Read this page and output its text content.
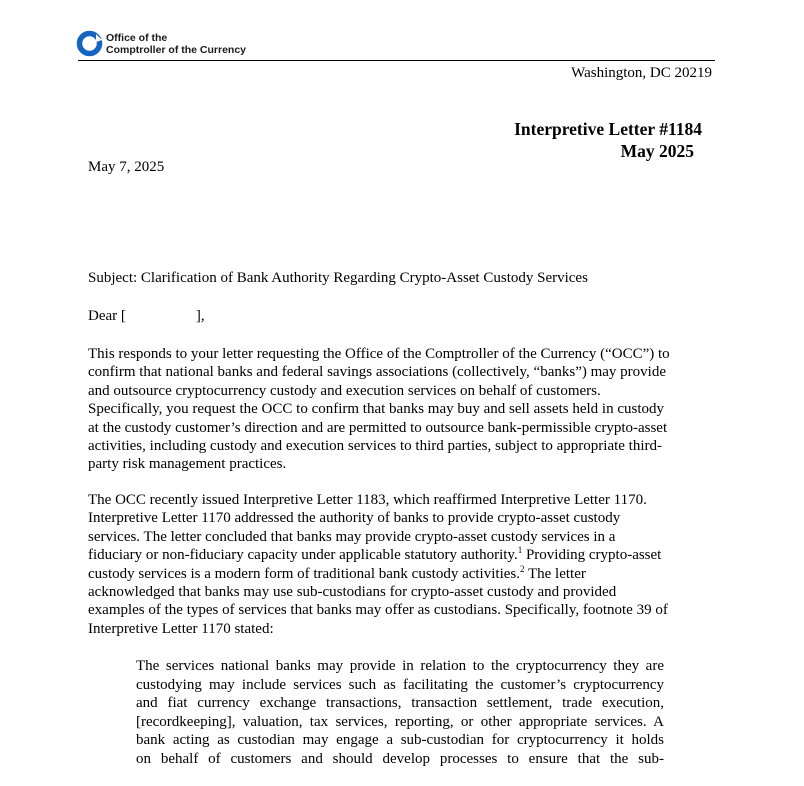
Office of the
Comptroller of the Currency
Washington, DC 20219
Interpretive Letter #1184
May 2025
May 7, 2025
Subject: Clarification of Bank Authority Regarding Crypto-Asset Custody Services
Dear [	],
This responds to your letter requesting the Office of the Comptroller of the Currency (“OCC”) to
confirm that national banks and federal savings associations (collectively, “banks”) may provide
and outsource cryptocurrency custody and execution services on behalf of customers.
Specifically, you request the OCC to confirm that banks may buy and sell assets held in custody
at the custody customer’s direction and are permitted to outsource bank-permissible crypto-asset
activities, including custody and execution services to third parties, subject to appropriate third-
party risk management practices.
The OCC recently issued Interpretive Letter 1183, which reaffirmed Interpretive Letter 1170.
Interpretive Letter 1170 addressed the authority of banks to provide crypto-asset custody
services. The letter concluded that banks may provide crypto-asset custody services in a
fiduciary or non-fiduciary capacity under applicable statutory authority.$^1$ Providing crypto-asset
custody services is a modern form of traditional bank custody activities.$^2$ The letter
acknowledged that banks may use sub-custodians for crypto-asset custody and provided
examples of the types of services that banks may offer as custodians. Specifically, footnote 39 of
Interpretive Letter 1170 stated:
The services national banks may provide in relation to the cryptocurrency they are
custodying may include services such as facilitating the customer’s cryptocurrency
and fiat currency exchange transactions, transaction settlement, trade execution,
[recordkeeping], valuation, tax services, reporting, or other appropriate services. A
bank acting as custodian may engage a sub-custodian for cryptocurrency it holds
on behalf of customers and should develop processes to ensure that the sub-
